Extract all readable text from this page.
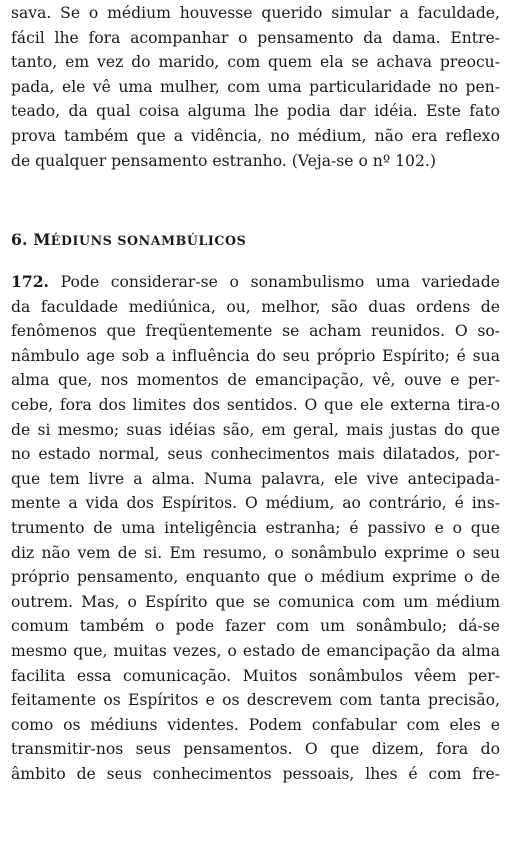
sava. Se o médium houvesse querido simular a faculdade,
fácil lhe fora acompanhar o pensamento da dama. Entre-
tanto, em vez do marido, com quem ela se achava preocu-
pada, ele vê uma mulher, com uma particularidade no pen-
teado, da qual coisa alguma lhe podia dar idéia. Este fato
prova também que a vidência, no médium, não era reflexo
de qualquer pensamento estranho. (Veja-se o nº 102.)
6. MÉDIUNS SONAMBÚLICOS
172. Pode considerar-se o sonambulismo uma variedade
da faculdade mediúnica, ou, melhor, são duas ordens de
fenômenos que freqüentemente se acham reunidos. O so-
nâmbulo age sob a influência do seu próprio Espírito; é sua
alma que, nos momentos de emancipação, vê, ouve e per-
cebe, fora dos limites dos sentidos. O que ele externa tira-o
de si mesmo; suas idéias são, em geral, mais justas do que
no estado normal, seus conhecimentos mais dilatados, por-
que tem livre a alma. Numa palavra, ele vive antecipada-
mente a vida dos Espíritos. O médium, ao contrário, é ins-
trumento de uma inteligência estranha; é passivo e o que
diz não vem de si. Em resumo, o sonâmbulo exprime o seu
próprio pensamento, enquanto que o médium exprime o de
outrem. Mas, o Espírito que se comunica com um médium
comum também o pode fazer com um sonâmbulo; dá-se
mesmo que, muitas vezes, o estado de emancipação da alma
facilita essa comunicação. Muitos sonâmbulos vêem per-
feitamente os Espíritos e os descrevem com tanta precisão,
como os médiuns videntes. Podem confabular com eles e
transmitir-nos seus pensamentos. O que dizem, fora do
âmbito de seus conhecimentos pessoais, lhes é com fre-
